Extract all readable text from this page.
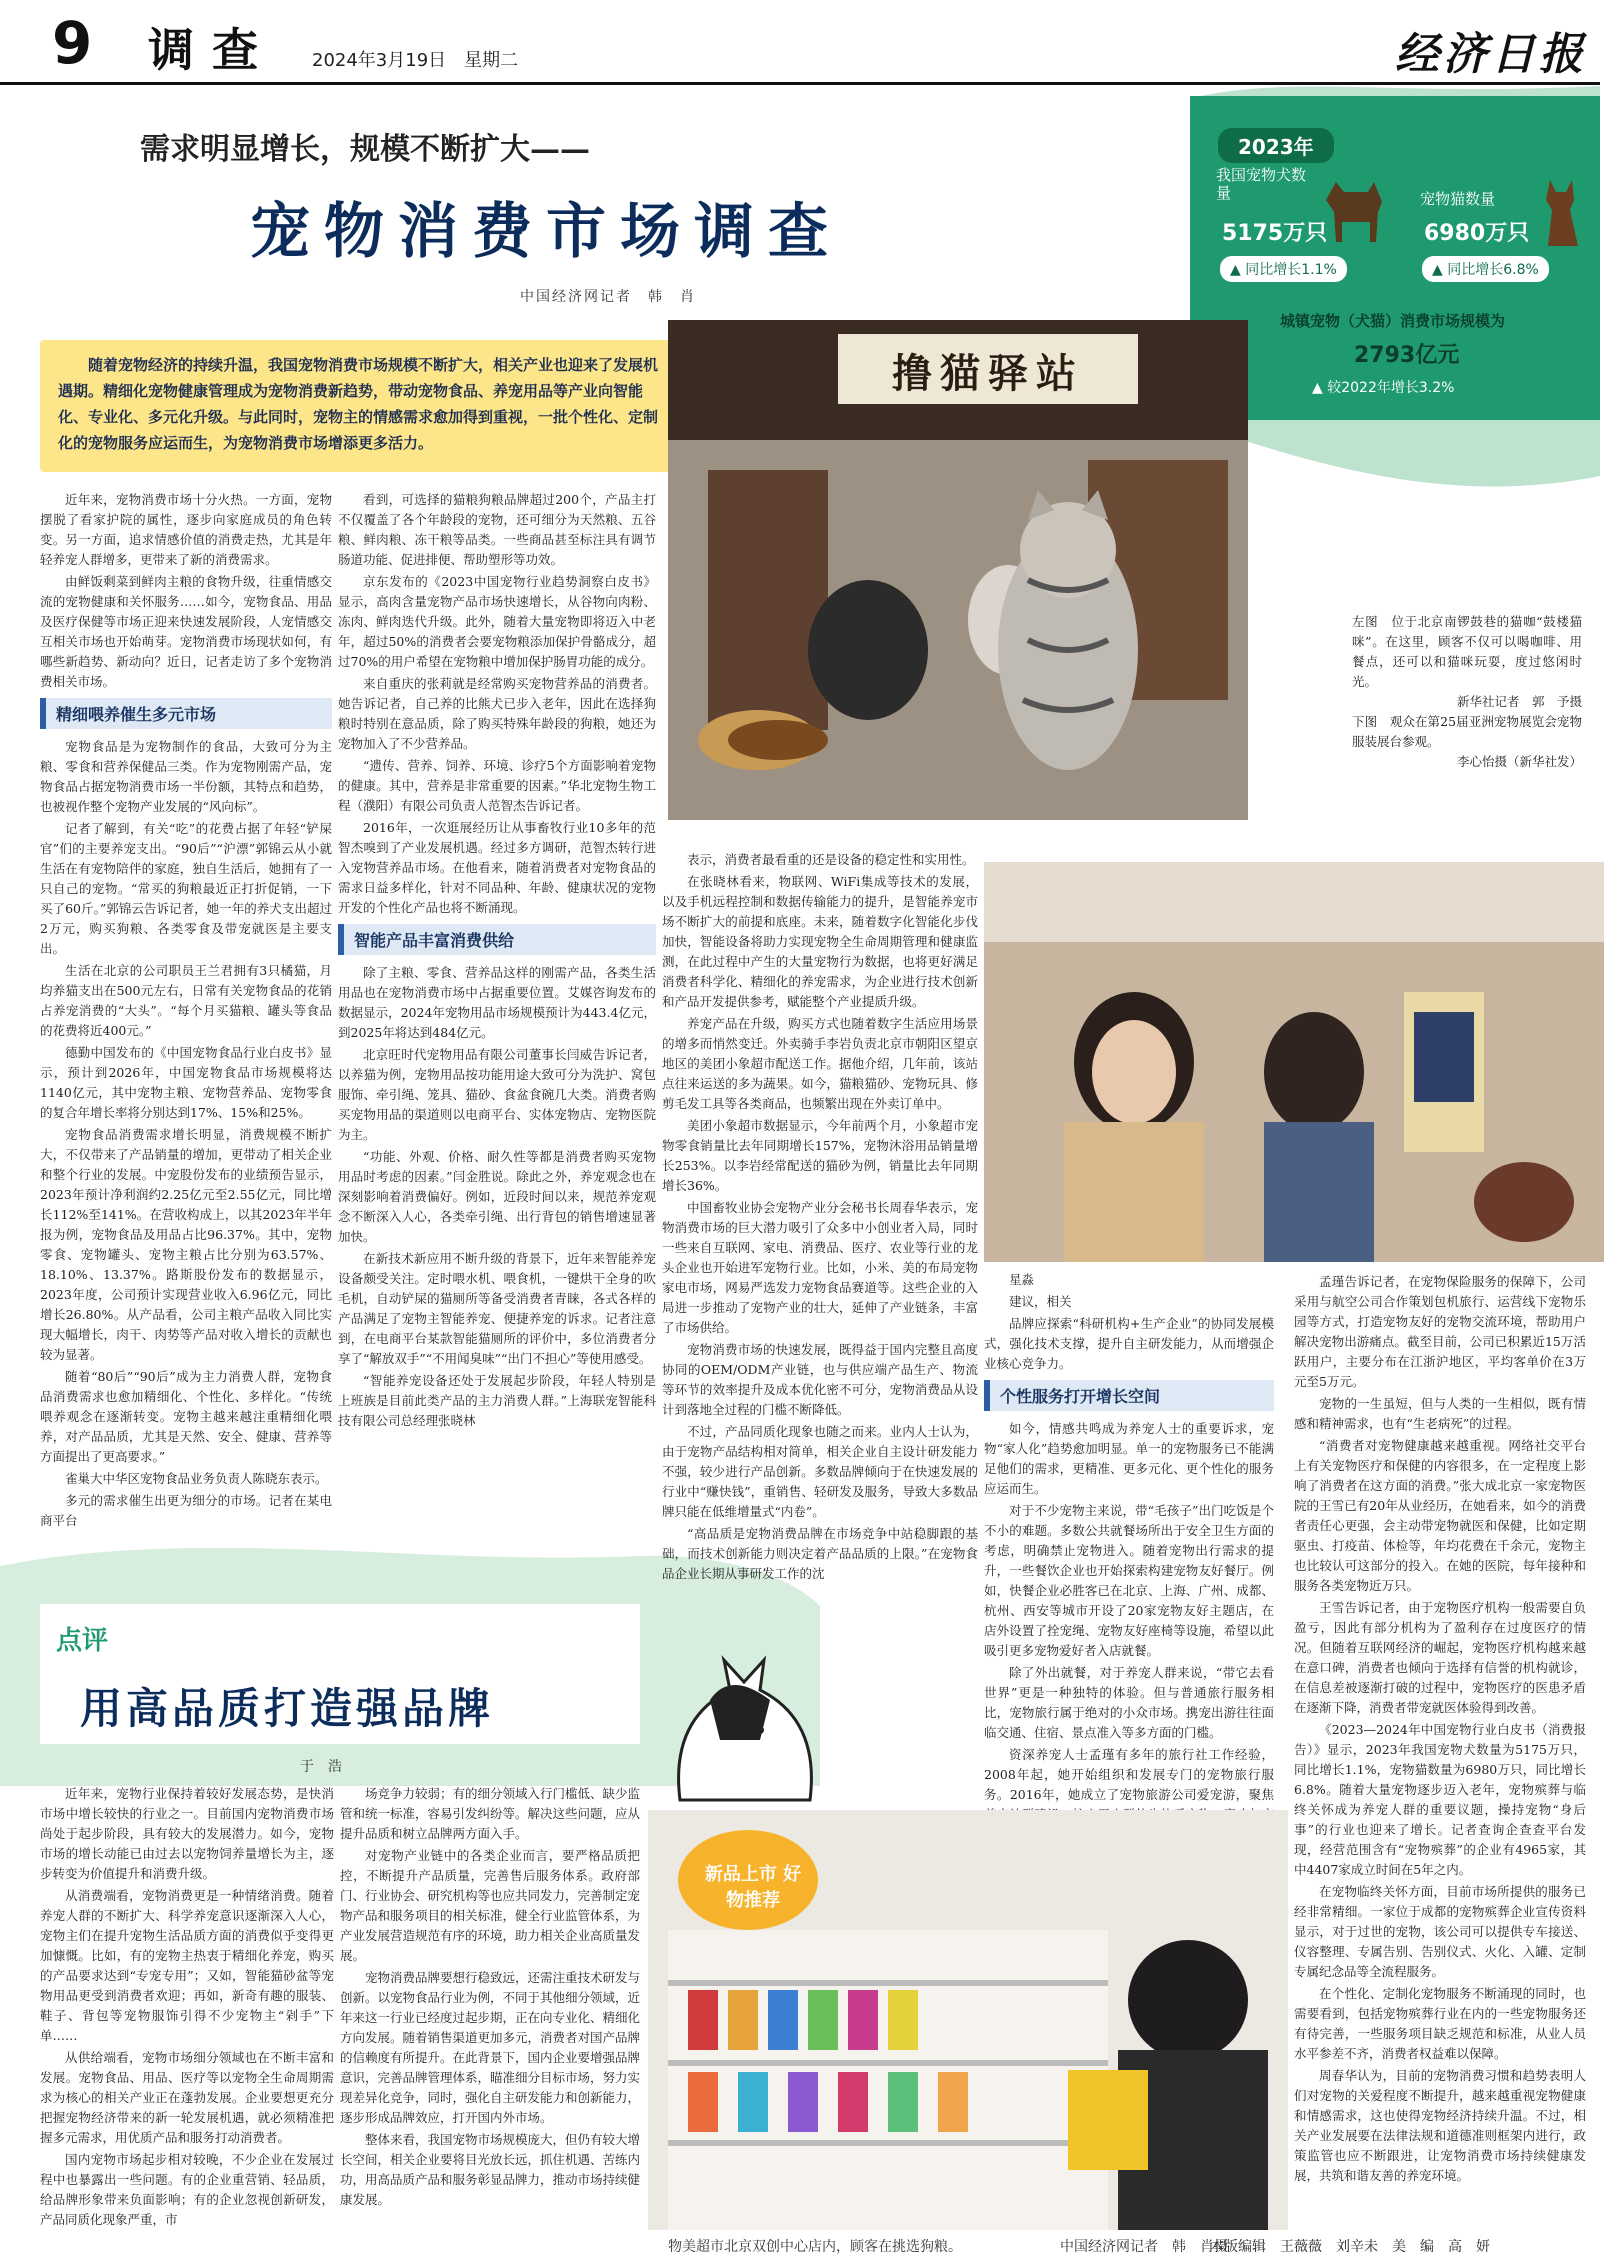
9 调查 2024年3月19日　星期二	经济日报
需求明显增长，规模不断扩大——
宠物消费市场调查
中国经济网记者　韩　肖

随着宠物经济的持续升温，我国宠物消费市场规模不断扩大，相关产业也迎来了发展机遇期。精细化宠物健康管理成为宠物消费新趋势，带动宠物食品、养宠用品等产业向智能化、专业化、多元化升级。与此同时，宠物主的情感需求愈加得到重视，一批个性化、定制化的宠物服务应运而生，为宠物消费市场增添更多活力。

2023年
我国宠物犬数量
5175万只
▲ 同比增长1.1%
宠物猫数量
6980万只
▲ 同比增长6.8%
城镇宠物（犬猫）消费市场规模为
2793亿元
▲ 较2022年增长3.2%
撸猫驿站
左图　位于北京南锣鼓巷的猫咖“鼓楼猫咪”。在这里，顾客不仅可以喝咖啡、用餐点，还可以和猫咪玩耍，度过悠闲时光。
新华社记者　郭　予摄
下图　观众在第25届亚洲宠物展览会宠物服装展台参观。
李心怡摄（新华社发）

近年来，宠物消费市场十分火热。一方面，宠物摆脱了看家护院的属性，逐步向家庭成员的角色转变。另一方面，追求情感价值的消费走热，尤其是年轻养宠人群增多，更带来了新的消费需求。

由鲜饭剩菜到鲜肉主粮的食物升级，往重情感交流的宠物健康和关怀服务……如今，宠物食品、用品及医疗保健等市场正迎来快速发展阶段，人宠情感交互相关市场也开始萌芽。宠物消费市场现状如何，有哪些新趋势、新动向？近日，记者走访了多个宠物消费相关市场。

精细喂养催生多元市场

宠物食品是为宠物制作的食品，大致可分为主粮、零食和营养保健品三类。作为宠物刚需产品，宠物食品占据宠物消费市场一半份额，其特点和趋势，也被视作整个宠物产业发展的“风向标”。

记者了解到，有关“吃”的花费占据了年轻“铲屎官”们的主要养宠支出。“90后”“沪漂”郭锦云从小就生活在有宠物陪伴的家庭，独自生活后，她拥有了一只自己的宠物。“常买的狗粮最近正打折促销，一下买了60斤。”郭锦云告诉记者，她一年的养犬支出超过2万元，购买狗粮、各类零食及带宠就医是主要支出。

生活在北京的公司职员王兰君拥有3只橘猫，月均养猫支出在500元左右，日常有关宠物食品的花销占养宠消费的“大头”。“每个月买猫粮、罐头等食品的花费将近400元。”

德勤中国发布的《中国宠物食品行业白皮书》显示，预计到2026年，中国宠物食品市场规模将达1140亿元，其中宠物主粮、宠物营养品、宠物零食的复合年增长率将分别达到17%、15%和25%。

宠物食品消费需求增长明显，消费规模不断扩大，不仅带来了产品销量的增加，更带动了相关企业和整个行业的发展。中宠股份发布的业绩预告显示，2023年预计净利润约2.25亿元至2.55亿元，同比增长112%至141%。在营收构成上，以其2023年半年报为例，宠物食品及用品占比96.37%。其中，宠物零食、宠物罐头、宠物主粮占比分别为63.57%、18.10%、13.37%。路斯股份发布的数据显示，2023年度，公司预计实现营业收入6.96亿元，同比增长26.80%。从产品看，公司主粮产品收入同比实现大幅增长，肉干、肉势等产品对收入增长的贡献也较为显著。

随着“80后”“90后”成为主力消费人群，宠物食品消费需求也愈加精细化、个性化、多样化。“传统喂养观念在逐渐转变。宠物主越来越注重精细化喂养，对产品品质，尤其是天然、安全、健康、营养等方面提出了更高要求。”

雀巢大中华区宠物食品业务负责人陈晓东表示。

多元的需求催生出更为细分的市场。记者在某电商平台

看到，可选择的猫粮狗粮品牌超过200个，产品主打不仅覆盖了各个年龄段的宠物，还可细分为天然粮、五谷粮、鲜肉粮、冻干粮等品类。一些商品甚至标注具有调节肠道功能、促进排便、帮助塑形等功效。

京东发布的《2023中国宠物行业趋势洞察白皮书》显示，高肉含量宠物产品市场快速增长，从谷物向肉粉、冻肉、鲜肉迭代升级。此外，随着大量宠物即将迈入中老年，超过50%的消费者会要宠物粮添加保护骨骼成分，超过70%的用户希望在宠物粮中增加保护肠胃功能的成分。

来自重庆的张莉就是经常购买宠物营养品的消费者。她告诉记者，自己养的比熊犬已步入老年，因此在选择狗粮时特别在意品质，除了购买特殊年龄段的狗粮，她还为宠物加入了不少营养品。

“遗传、营养、饲养、环境、诊疗5个方面影响着宠物的健康。其中，营养是非常重要的因素。”华北宠物生物工程（濮阳）有限公司负责人范智杰告诉记者。

2016年，一次逛展经历让从事畜牧行业10多年的范智杰嗅到了产业发展机遇。经过多方调研，范智杰转行进入宠物营养品市场。在他看来，随着消费者对宠物食品的需求日益多样化，针对不同品种、年龄、健康状况的宠物开发的个性化产品也将不断涌现。

智能产品丰富消费供给

除了主粮、零食、营养品这样的刚需产品，各类生活用品也在宠物消费市场中占据重要位置。艾媒咨询发布的数据显示，2024年宠物用品市场规模预计为443.4亿元，到2025年将达到484亿元。

北京旺时代宠物用品有限公司董事长闫威告诉记者，以养猫为例，宠物用品按功能用途大致可分为洗护、窝包服饰、牵引绳、笼具、猫砂、食盆食碗几大类。消费者购买宠物用品的渠道则以电商平台、实体宠物店、宠物医院为主。

“功能、外观、价格、耐久性等都是消费者购买宠物用品时考虑的因素。”闫金胜说。除此之外，养宠观念也在深刻影响着消费偏好。例如，近段时间以来，规范养宠观念不断深入人心，各类牵引绳、出行背包的销售增速显著加快。

在新技术新应用不断升级的背景下，近年来智能养宠设备颇受关注。定时喂水机、喂食机，一键烘干全身的吹毛机，自动铲屎的猫厕所等备受消费者青睐，各式各样的产品满足了宠物主智能养宠、便捷养宠的诉求。记者注意到，在电商平台某款智能猫厕所的评价中，多位消费者分享了“解放双手”“不用闻臭味”“出门不担心”等使用感受。

“智能养宠设备还处于发展起步阶段，年轻人特别是上班族是目前此类产品的主力消费人群。”上海联宠智能科技有限公司总经理张晓林

表示，消费者最看重的还是设备的稳定性和实用性。

在张晓林看来，物联网、WiFi集成等技术的发展，以及手机远程控制和数据传输能力的提升，是智能养宠市场不断扩大的前提和底座。未来，随着数字化智能化步伐加快，智能设备将助力实现宠物全生命周期管理和健康监测，在此过程中产生的大量宠物行为数据，也将更好满足消费者科学化、精细化的养宠需求，为企业进行技术创新和产品开发提供参考，赋能整个产业提质升级。

养宠产品在升级，购买方式也随着数字生活应用场景的增多而悄然变迁。外卖骑手李岩负责北京市朝阳区望京地区的美团小象超市配送工作。据他介绍，几年前，该站点往来运送的多为蔬果。如今，猫粮猫砂、宠物玩具、修剪毛发工具等各类商品，也频繁出现在外卖订单中。

美团小象超市数据显示，今年前两个月，小象超市宠物零食销量比去年同期增长157%，宠物沐浴用品销量增长253%。以李岩经常配送的猫砂为例，销量比去年同期增长36%。

中国畜牧业协会宠物产业分会秘书长周春华表示，宠物消费市场的巨大潜力吸引了众多中小创业者入局，同时一些来自互联网、家电、消费品、医疗、农业等行业的龙头企业也开始进军宠物行业。比如，小米、美的布局宠物家电市场，网易严选发力宠物食品赛道等。这些企业的入局进一步推动了宠物产业的壮大，延伸了产业链条，丰富了市场供给。

宠物消费市场的快速发展，既得益于国内完整且高度协同的OEM/ODM产业链，也与供应端产品生产、物流等环节的效率提升及成本优化密不可分，宠物消费品从设计到落地全过程的门槛不断降低。

不过，产品同质化现象也随之而来。业内人士认为，由于宠物产品结构相对简单，相关企业自主设计研发能力不强，较少进行产品创新。多数品牌倾向于在快速发展的行业中“赚快钱”，重销售、轻研发及服务，导致大多数品牌只能在低维增量式“内卷”。

“高品质是宠物消费品牌在市场竞争中站稳脚跟的基础，而技术创新能力则决定着产品品质的上限。”在宠物食品企业长期从事研发工作的沈

星淼

建议，相关

品牌应探索“科研机构+生产企业”的协同发展模式，强化技术支撑，提升自主研发能力，从而增强企业核心竞争力。

个性服务打开增长空间

如今，情感共鸣成为养宠人士的重要诉求，宠物“家人化”趋势愈加明显。单一的宠物服务已不能满足他们的需求，更精准、更多元化、更个性化的服务应运而生。

对于不少宠物主来说，带“毛孩子”出门吃饭是个不小的难题。多数公共就餐场所出于安全卫生方面的考虑，明确禁止宠物进入。随着宠物出行需求的提升，一些餐饮企业也开始探索构建宠物友好餐厅。例如，快餐企业必胜客已在北京、上海、广州、成都、杭州、西安等城市开设了20家宠物友好主题店，在店外设置了拴宠绳、宠物友好座椅等设施，希望以此吸引更多宠物爱好者入店就餐。

除了外出就餐，对于养宠人群来说，“带它去看世界”更是一种独特的体验。但与普通旅行服务相比，宠物旅行属于绝对的小众市场。携宠出游往往面临交通、住宿、景点准入等多方面的门槛。

资深养宠人士孟瑾有多年的旅行社工作经验，2008年起，她开始组织和发展专门的宠物旅行服务。2016年，她成立了宠物旅游公司爱宠游，聚焦

孟瑾告诉记者，在宠物保险服务的保障下，公司采用与航空公司合作策划包机旅行、运营线下宠物乐园等方式，打造宠物友好的宠物交流环境，帮助用户解决宠物出游痛点。截至目前，公司已积累近15万活跃用户，主要分布在江浙沪地区，平均客单价在3万元至5万元。

宠物的一生虽短，但与人类的一生相似，既有情感和精神需求，也有“生老病死”的过程。

“消费者对宠物健康越来越重视。网络社交平台上有关宠物医疗和保健的内容很多，在一定程度上影响了消费者在这方面的消费。”张大成北京一家宠物医院的王雪已有20年从业经历，在她看来，如今的消费者责任心更强，会主动带宠物就医和保健，比如定期驱虫、打疫苗、体检等，年均花费在千余元，宠物主也比较认可这部分的投入。在她的医院，每年接种和服务各类宠物近万只。

王雪告诉记者，由于宠物医疗机构一般需要自负盈亏，因此有部分机构为了盈利存在过度医疗的情况。但随着互联网经济的崛起，宠物医疗机构越来越在意口碑，消费者也倾向于选择有信誉的机构就诊，在信息差被逐渐打破的过程中，宠物医疗的医患矛盾在逐渐下降，消费者带宠就医体验得到改善。

《2023—2024年中国宠物行业白皮书（消费报告）》显示，2023年我国宠物犬数量为5175万只，同比增长1.1%，宠物猫数量为6980万只，同比增长6.8%。随着大量宠物逐步迈入老年，宠物殡葬与临终关怀成为养宠人群的重要议题，操持宠物“身后事”的行业也迎来了增长。记者查询企查查平台发现，经营范围含有“宠物殡葬”的企业有4965家，其中4407家成立时间在5年之内。

在宠物临终关怀方面，目前市场所提供的服务已经非常精细。一家位于成都的宠物殡葬企业宣传资料显示，对于过世的宠物，该公司可以提供专车接送、仪容整理、专属告别、告别仪式、火化、入罐、定制专属纪念品等全流程服务。

在个性化、定制化宠物服务不断涌现的同时，也需要看到，包括宠物殡葬行业在内的一些宠物服务还有待完善，一些服务项目缺乏规范和标准，从业人员水平参差不齐，消费者权益难以保障。

周春华认为，目前的宠物消费习惯和趋势表明人们对宠物的关爱程度不断提升，越来越重视宠物健康和情感需求，这也使得宠物经济持续升温。不过，相关产业发展要在法律法规和道德准则框架内进行，政策监管也应不断跟进，让宠物消费市场持续健康发展，共筑和谐友善的养宠环境。

点评
用高品质打造强品牌
于　浩

近年来，宠物行业保持着较好发展态势，是快消市场中增长较快的行业之一。目前国内宠物消费市场尚处于起步阶段，具有较大的发展潜力。如今，宠物市场的增长动能已由过去以宠物饲养量增长为主，逐步转变为价值提升和消费升级。

从消费端看，宠物消费更是一种情绪消费。随着养宠人群的不断扩大、科学养宠意识逐渐深入人心，宠物主们在提升宠物生活品质方面的消费似乎变得更加慷慨。比如，有的宠物主热衷于精细化养宠，购买的产品要求达到“专宠专用”；又如，智能猫砂盆等宠物用品更受到消费者欢迎；再如，新奇有趣的服装、鞋子、背包等宠物服饰引得不少宠物主“剁手”下单……

从供给端看，宠物市场细分领域也在不断丰富和发展。宠物食品、用品、医疗等以宠物全生命周期需求为核心的相关产业正在蓬勃发展。企业要想更充分把握宠物经济带来的新一轮发展机遇，就必须精准把握多元需求，用优质产品和服务打动消费者。

国内宠物市场起步相对较晚，不少企业在发展过程中也暴露出一些问题。有的企业重营销、轻品质，给品牌形象带来负面影响；有的企业忽视创新研发，产品同质化现象严重，市

场竞争力较弱；有的细分领域入行门槛低、缺少监管和统一标准，容易引发纠纷等。解决这些问题，应从提升品质和树立品牌两方面入手。

对宠物产业链中的各类企业而言，要严格品质把控，不断提升产品质量，完善售后服务体系。政府部门、行业协会、研究机构等也应共同发力，完善制定宠物产品和服务项目的相关标准，健全行业监管体系，为产业发展营造规范有序的环境，助力相关企业高质量发展。

宠物消费品牌要想行稳致远，还需注重技术研发与创新。以宠物食品行业为例，不同于其他细分领域，近年来这一行业已经度过起步期，正在向专业化、精细化方向发展。随着销售渠道更加多元，消费者对国产品牌的信赖度有所提升。在此背景下，国内企业要增强品牌意识，完善品牌管理体系，瞄准细分目标市场，努力实现差异化竞争，同时，强化自主研发能力和创新能力，逐步形成品牌效应，打开国内外市场。

整体来看，我国宠物市场规模庞大，但仍有较大增长空间，相关企业要将目光放长远，抓住机遇、苦练内功，用高品质产品和服务彰显品牌力，推动市场持续健康发展。

新品上市 好物推荐
物美超市北京双创中心店内，顾客在挑选狗粮。	中国经济网记者　韩　肖摄
本版编辑　王薇薇　刘辛未　美　编　高　妍
